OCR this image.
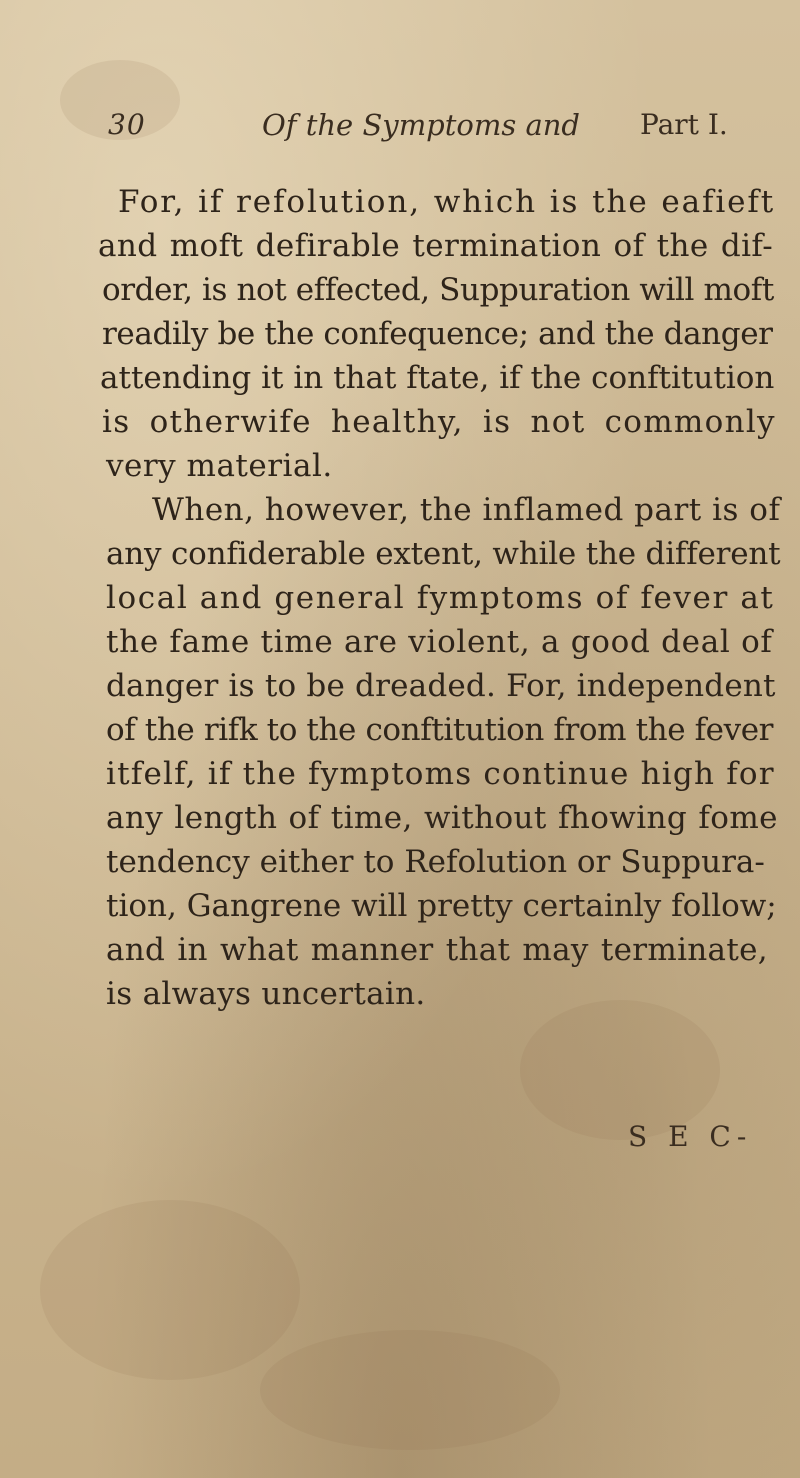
30	Of the Symptoms and Part I.
For, if refolution, which is the eafieft
and moft defirable termination of the dif-
order, is not effected, Suppuration will moft
readily be the confequence; and the danger
attending it in that ftate, if the conftitution
is otherwife healthy, is not commonly
very material.
When, however, the inflamed part is of
any confiderable extent, while the different
local and general fymptoms of fever at
the fame time are violent, a good deal of
danger is to be dreaded. For, independent
of the rifk to the conftitution from the fever
itfelf, if the fymptoms continue high for
any length of time, without fhowing fome
tendency either to Refolution or Suppura-
tion, Gangrene will pretty certainly follow;
and in what manner that may terminate,
is always uncertain.
S E C-
